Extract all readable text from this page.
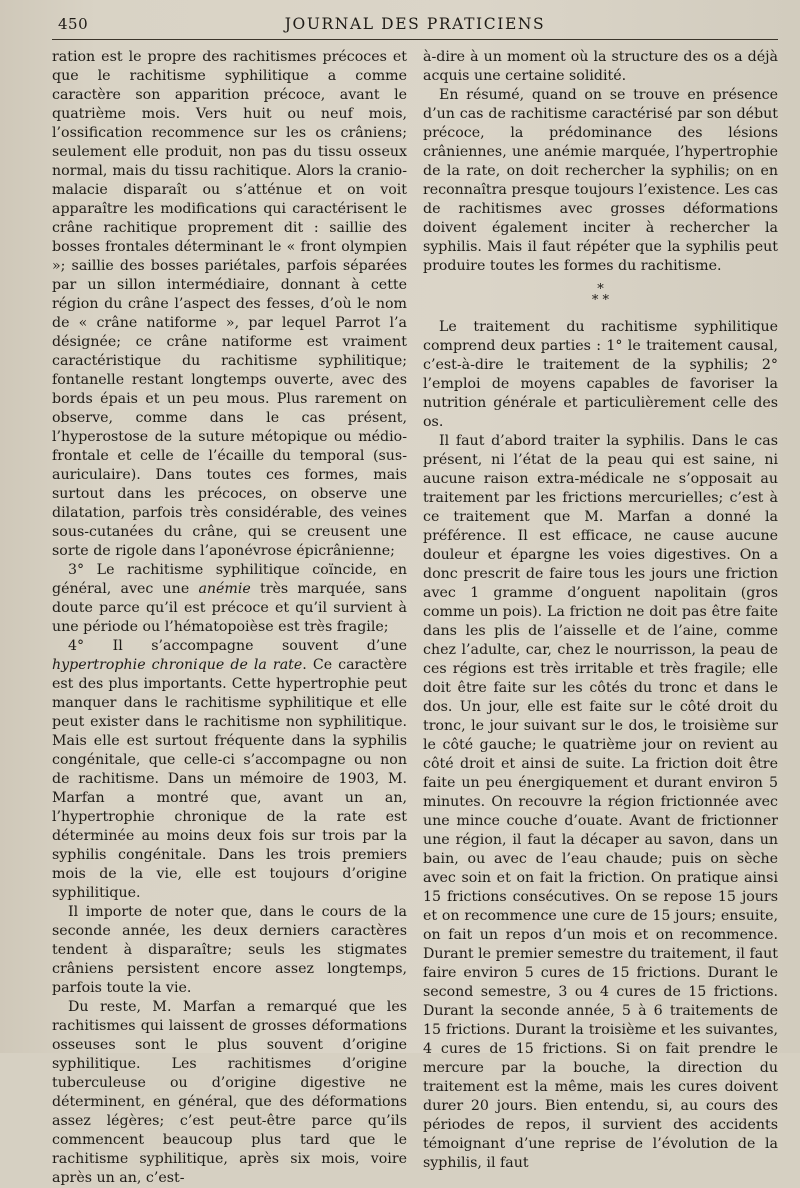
450	JOURNAL DES PRATICIENS

ration est le propre des rachitismes précoces et que le rachitisme syphilitique a comme caractère son apparition précoce, avant le quatrième mois. Vers huit ou neuf mois, l’ossification recommence sur les os crâniens; seulement elle produit, non pas du tissu osseux normal, mais du tissu rachitique. Alors la cranio-malacie disparaît ou s’atténue et on voit apparaître les modifications qui caractérisent le crâne rachitique proprement dit : saillie des bosses frontales déterminant le « front olympien »; saillie des bosses pariétales, parfois séparées par un sillon intermédiaire, donnant à cette région du crâne l’aspect des fesses, d’où le nom de « crâne natiforme », par lequel Parrot l’a désignée; ce crâne natiforme est vraiment caractéristique du rachitisme syphilitique; fontanelle restant longtemps ouverte, avec des bords épais et un peu mous. Plus rarement on observe, comme dans le cas présent, l’hyperostose de la suture métopique ou médio-frontale et celle de l’écaille du temporal (sus-auriculaire). Dans toutes ces formes, mais surtout dans les précoces, on observe une dilatation, parfois très considérable, des veines sous-cutanées du crâne, qui se creusent une sorte de rigole dans l’aponévrose épicrânienne;

3° Le rachitisme syphilitique coïncide, en général, avec une anémie très marquée, sans doute parce qu’il est précoce et qu’il survient à une période ou l’hématopoièse est très fragile;

4° Il s’accompagne souvent d’une hypertrophie chronique de la rate. Ce caractère est des plus importants. Cette hypertrophie peut manquer dans le rachitisme syphilitique et elle peut exister dans le rachitisme non syphilitique. Mais elle est surtout fréquente dans la syphilis congénitale, que celle-ci s’accompagne ou non de rachitisme. Dans un mémoire de 1903, M. Marfan a montré que, avant un an, l’hypertrophie chronique de la rate est déterminée au moins deux fois sur trois par la syphilis congénitale. Dans les trois premiers mois de la vie, elle est toujours d’origine syphilitique.

Il importe de noter que, dans le cours de la seconde année, les deux derniers caractères tendent à disparaître; seuls les stigmates crâniens persistent encore assez longtemps, parfois toute la vie.

Du reste, M. Marfan a remarqué que les rachitismes qui laissent de grosses déformations osseuses sont le plus souvent d’origine syphilitique. Les rachitismes d’origine tuberculeuse ou d’origine digestive ne déterminent, en général, que des déformations assez légères; c’est peut-être parce qu’ils commencent beaucoup plus tard que le rachitisme syphilitique, après six mois, voire après un an, c’est-

à-dire à un moment où la structure des os a déjà acquis une certaine solidité.

En résumé, quand on se trouve en présence d’un cas de rachitisme caractérisé par son début précoce, la prédominance des lésions crâniennes, une anémie marquée, l’hypertrophie de la rate, on doit rechercher la syphilis; on en reconnaîtra presque toujours l’existence. Les cas de rachitismes avec grosses déformations doivent également inciter à rechercher la syphilis. Mais il faut répéter que la syphilis peut produire toutes les formes du rachitisme.

*
* *

Le traitement du rachitisme syphilitique comprend deux parties : 1° le traitement causal, c’est-à-dire le traitement de la syphilis; 2° l’emploi de moyens capables de favoriser la nutrition générale et particulièrement celle des os.

Il faut d’abord traiter la syphilis. Dans le cas présent, ni l’état de la peau qui est saine, ni aucune raison extra-médicale ne s’opposait au traitement par les frictions mercurielles; c’est à ce traitement que M. Marfan a donné la préférence. Il est efficace, ne cause aucune douleur et épargne les voies digestives. On a donc prescrit de faire tous les jours une friction avec 1 gramme d’onguent napolitain (gros comme un pois). La friction ne doit pas être faite dans les plis de l’aisselle et de l’aine, comme chez l’adulte, car, chez le nourrisson, la peau de ces régions est très irritable et très fragile; elle doit être faite sur les côtés du tronc et dans le dos. Un jour, elle est faite sur le côté droit du tronc, le jour suivant sur le dos, le troisième sur le côté gauche; le quatrième jour on revient au côté droit et ainsi de suite. La friction doit être faite un peu énergiquement et durant environ 5 minutes. On recouvre la région frictionnée avec une mince couche d’ouate. Avant de frictionner une région, il faut la décaper au savon, dans un bain, ou avec de l’eau chaude; puis on sèche avec soin et on fait la friction. On pratique ainsi 15 frictions consécutives. On se repose 15 jours et on recommence une cure de 15 jours; ensuite, on fait un repos d’un mois et on recommence. Durant le premier semestre du traitement, il faut faire environ 5 cures de 15 frictions. Durant le second semestre, 3 ou 4 cures de 15 frictions. Durant la seconde année, 5 à 6 traitements de 15 frictions. Durant la troisième et les suivantes, 4 cures de 15 frictions. Si on fait prendre le mercure par la bouche, la direction du traitement est la même, mais les cures doivent durer 20 jours. Bien entendu, si, au cours des périodes de repos, il survient des accidents témoignant d’une reprise de l’évolution de la syphilis, il faut
